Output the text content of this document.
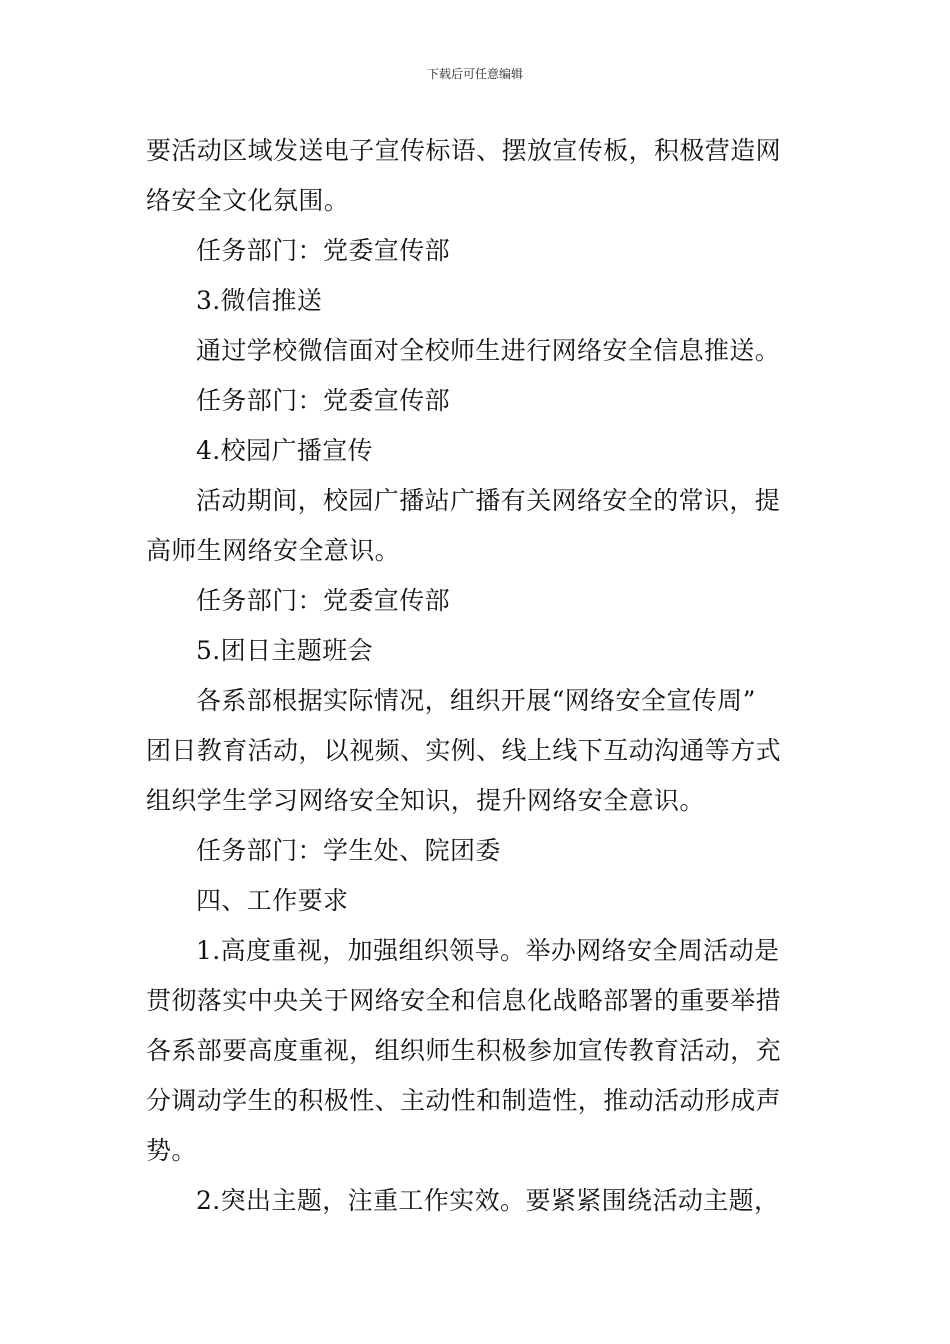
下载后可任意编辑
要活动区域发送电子宣传标语、摆放宣传板，积极营造网
络安全文化氛围。
任务部门：党委宣传部
3.微信推送
通过学校微信面对全校师生进行网络安全信息推送。
任务部门：党委宣传部
4.校园广播宣传
活动期间，校园广播站广播有关网络安全的常识，提
高师生网络安全意识。
任务部门：党委宣传部
5.团日主题班会
各系部根据实际情况，组织开展“网络安全宣传周”
团日教育活动，以视频、实例、线上线下互动沟通等方式
组织学生学习网络安全知识，提升网络安全意识。
任务部门：学生处、院团委
四、工作要求
1.高度重视，加强组织领导。举办网络安全周活动是
贯彻落实中央关于网络安全和信息化战略部署的重要举措
各系部要高度重视，组织师生积极参加宣传教育活动，充
分调动学生的积极性、主动性和制造性，推动活动形成声
势。
2.突出主题，注重工作实效。要紧紧围绕活动主题，
